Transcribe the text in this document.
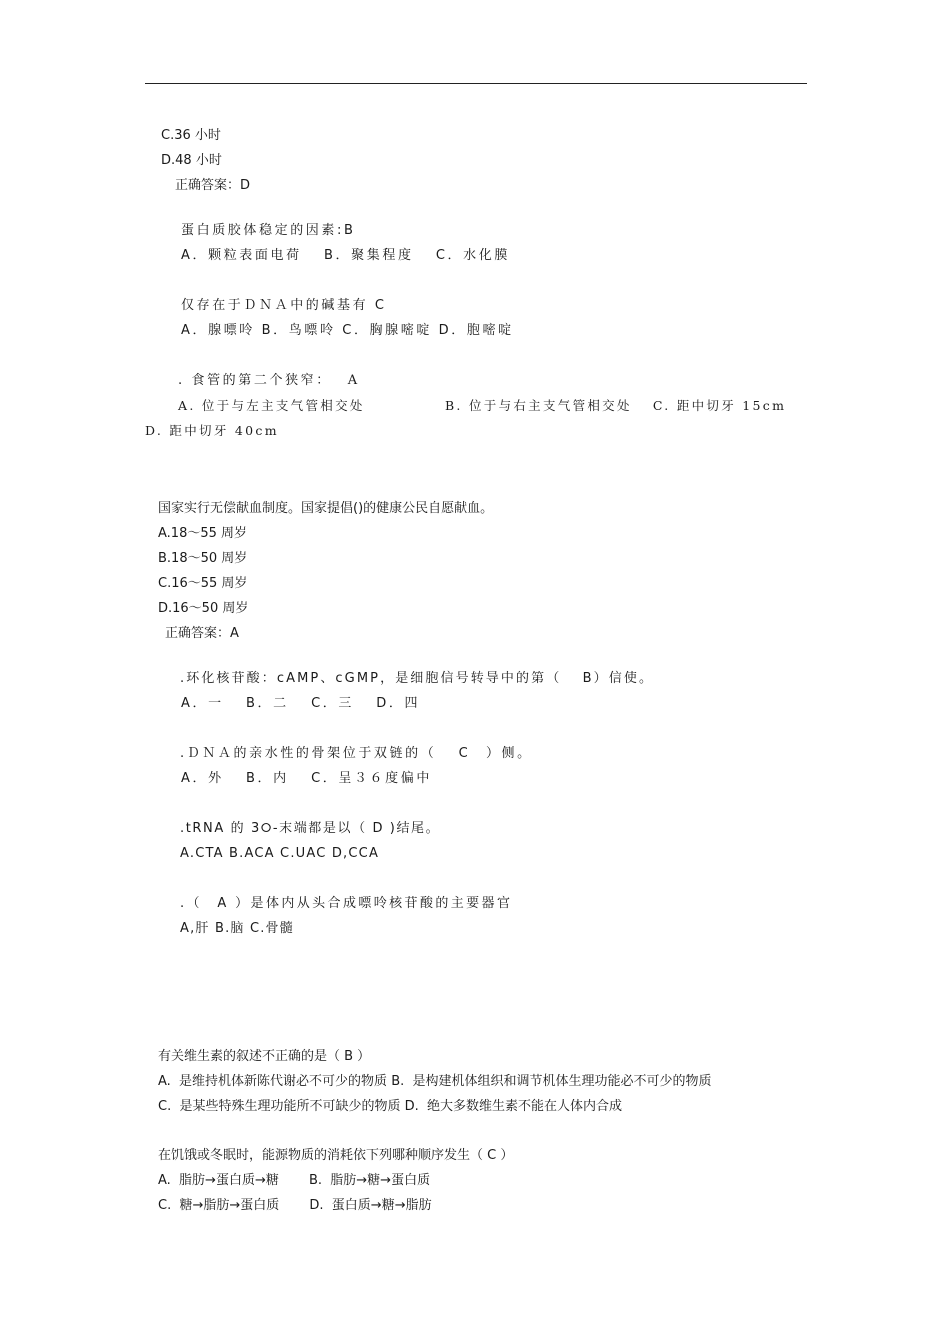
C.36 小时
D.48 小时
正确答案：D
蛋白质胶体稳定的因素:B
A．颗粒表面电荷　 B．聚集程度　 C．水化膜
仅存在于ＤＮＡ中的碱基有 C
A．腺嘌呤 B．鸟嘌呤 C．胸腺嘧啶 D．胞嘧啶
. 食管的第二个狭窄：　 A
A. 位于与左主支气管相交处　　　　　 B. 位于与右主支气管相交处　 C. 距中切牙 15cm
D. 距中切牙 40cm
国家实行无偿献血制度。国家提倡()的健康公民自愿献血。
A.18～55 周岁
B.18～50 周岁
C.16～55 周岁
D.16～50 周岁
正确答案：A
.环化核苷酸：cAMP、cGMP，是细胞信号转导中的第（　 B）信使。
A．一　 B．二　 C．三　 D．四
.ＤＮＡ的亲水性的骨架位于双链的（　 C　）侧。
A．外　 B．内　 C．呈３６度偏中
.tRNA 的 3⭘-末端都是以（ D )结尾。
A.CTA B.ACA C.UAC D,CCA
.（　A ）是体内从头合成嘌呤核苷酸的主要器官
A,肝 B.脑 C.骨髓
有关维生素的叙述不正确的是（ B ）
A.  是维持机体新陈代谢必不可少的物质 B.  是构建机体组织和调节机体生理功能必不可少的物质
C.  是某些特殊生理功能所不可缺少的物质 D.  绝大多数维生素不能在人体内合成
在饥饿或冬眠时，能源物质的消耗依下列哪种顺序发生（ C ）
A.  脂肪→蛋白质→糖　　 B.  脂肪→糖→蛋白质
C.  糖→脂肪→蛋白质　　 D.  蛋白质→糖→脂肪
